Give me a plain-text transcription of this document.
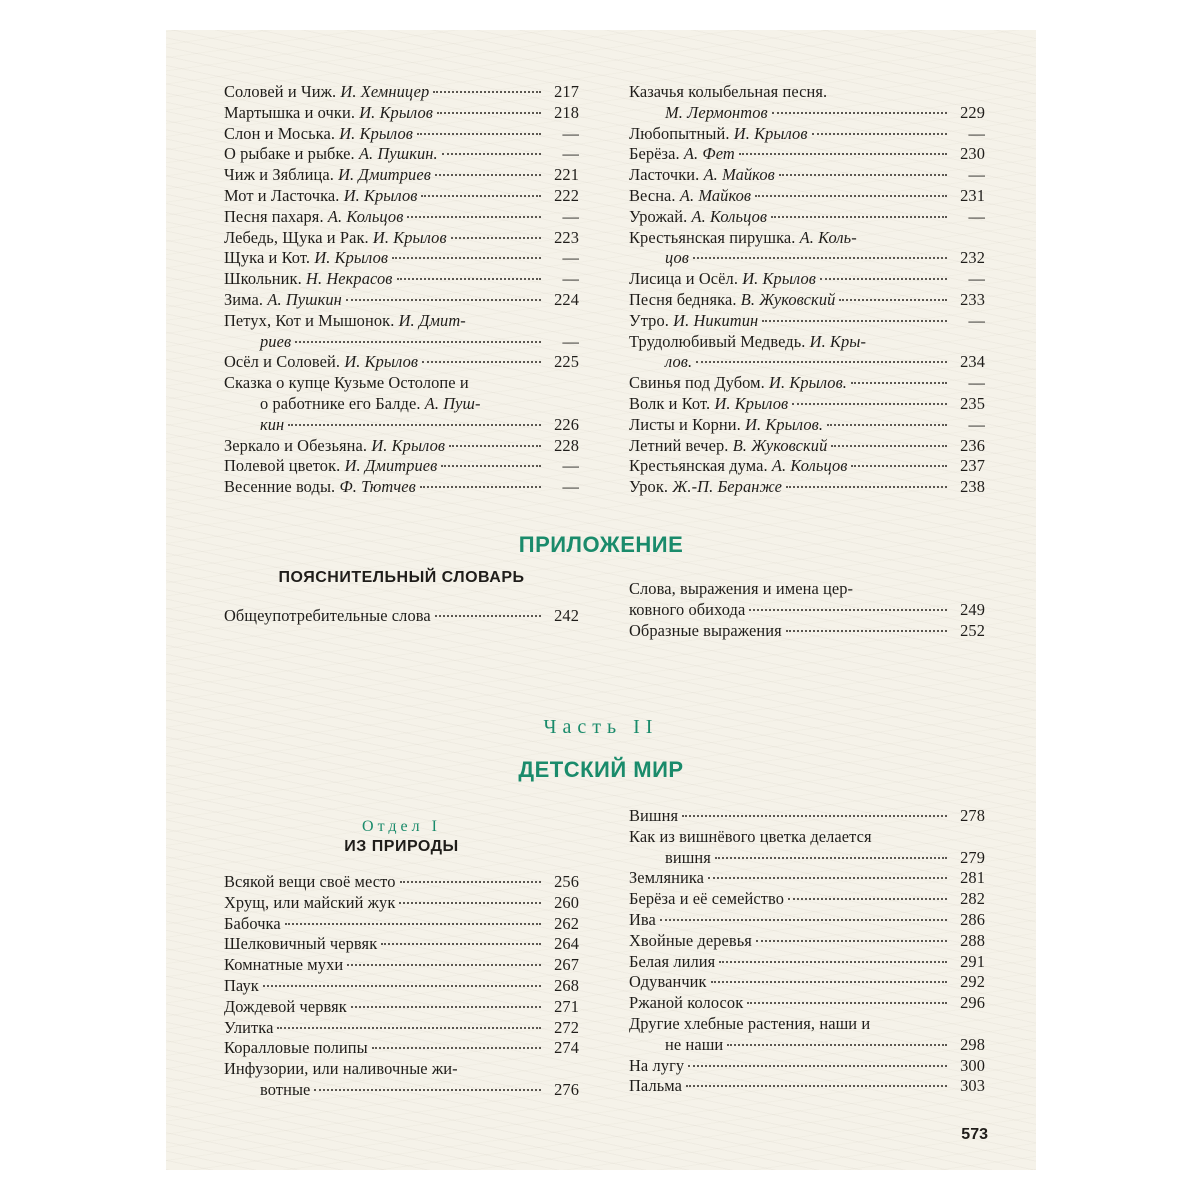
Соловей и Чиж. И. Хемницер	217
Мартышка и очки. И. Крылов	218
Слон и Моська. И. Крылов	—
О рыбаке и рыбке. А. Пушкин.	—
Чиж и Зяблица. И. Дмитриев	221
Мот и Ласточка. И. Крылов	222
Песня пахаря. А. Кольцов	—
Лебедь, Щука и Рак. И. Крылов	223
Щука и Кот. И. Крылов	—
Школьник. Н. Некрасов	—
Зима. А. Пушкин	224
Петух, Кот и Мышонок. И. Дмит-
риев	—
Осёл и Соловей. И. Крылов	225
Сказка о купце Кузьме Остолопе и
о работнике его Балде. А. Пуш-
кин	226
Зеркало и Обезьяна. И. Крылов	228
Полевой цветок. И. Дмитриев	—
Весенние воды. Ф. Тютчев	—
Казачья колыбельная песня.
М. Лермонтов	229
Любопытный. И. Крылов	—
Берёза. А. Фет	230
Ласточки. А. Майков	—
Весна. А. Майков	231
Урожай. А. Кольцов	—
Крестьянская пирушка. А. Коль-
цов	232
Лисица и Осёл. И. Крылов	—
Песня бедняка. В. Жуковский	233
Утро. И. Никитин	—
Трудолюбивый Медведь. И. Кры-
лов.	234
Свинья под Дубом. И. Крылов.	—
Волк и Кот. И. Крылов	235
Листы и Корни. И. Крылов.	—
Летний вечер. В. Жуковский	236
Крестьянская дума. А. Кольцов	237
Урок. Ж.-П. Беранже	238
ПРИЛОЖЕНИЕ
ПОЯСНИТЕЛЬНЫЙ СЛОВАРЬ
Общеупотребительные слова	242
Слова, выражения и имена цер-
ковного обихода	249
Образные выражения	252
Часть II
ДЕТСКИЙ МИР
Отдел I
ИЗ ПРИРОДЫ
Всякой вещи своё место	256
Хрущ, или майский жук	260
Бабочка	262
Шелковичный червяк	264
Комнатные мухи	267
Паук	268
Дождевой червяк	271
Улитка	272
Коралловые полипы	274
Инфузории, или наливочные жи-
вотные	276
Вишня	278
Как из вишнёвого цветка делается
вишня	279
Земляника	281
Берёза и её семейство	282
Ива	286
Хвойные деревья	288
Белая лилия	291
Одуванчик	292
Ржаной колосок	296
Другие хлебные растения, наши и
не наши	298
На лугу	300
Пальма	303
573
